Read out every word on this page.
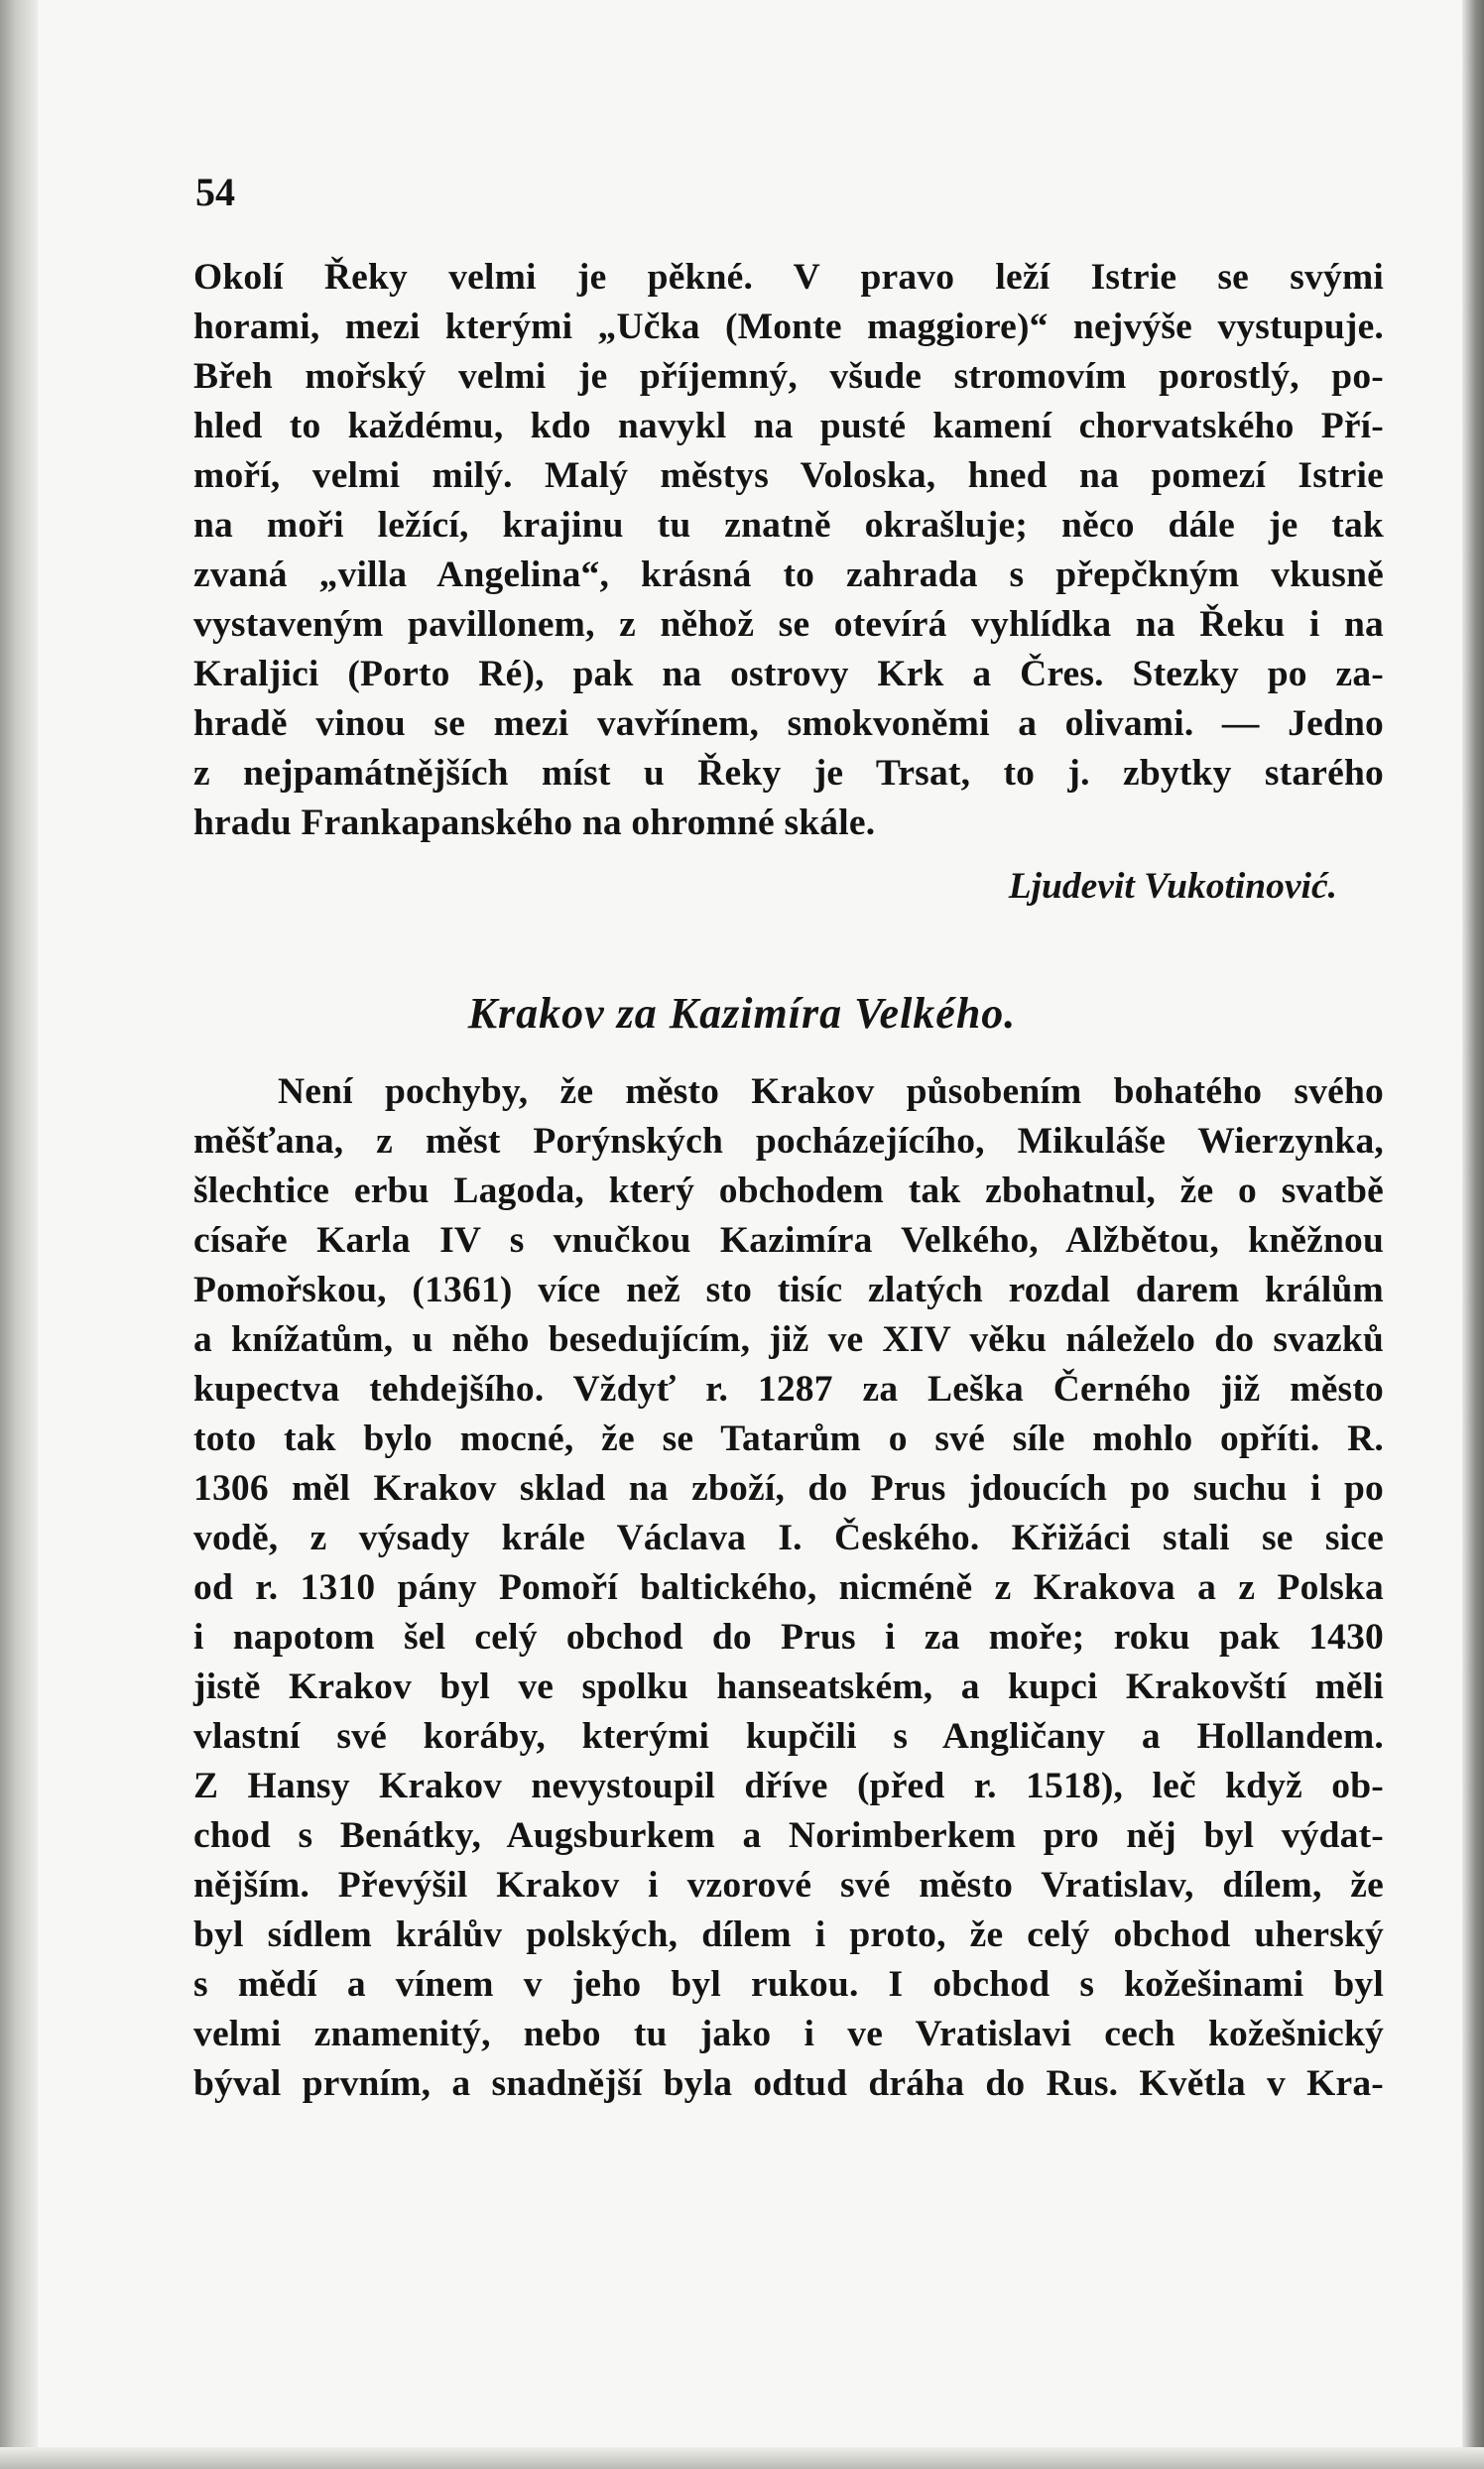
54

Okolí Řeky velmi je pěkné. V pravo leží Istrie se svými
horami, mezi kterými „Učka (Monte maggiore)“ nejvýše vystupuje.
Břeh mořský velmi je příjemný, všude stromovím porostlý, po-
hled to každému, kdo navykl na pusté kamení chorvatského Pří-
moří, velmi milý. Malý městys Voloska, hned na pomezí Istrie
na moři ležící, krajinu tu znatně okrašluje; něco dále je tak
zvaná „villa Angelina“, krásná to zahrada s přepčkným vkusně
vystaveným pavillonem, z něhož se otevírá vyhlídka na Řeku i na
Kraljici (Porto Ré), pak na ostrovy Krk a Čres. Stezky po za-
hradě vinou se mezi vavřínem, smokvoněmi a olivami. — Jedno
z nejpamátnějších míst u Řeky je Trsat, to j. zbytky starého
hradu Frankapanského na ohromné skále.

Ljudevit Vukotinović.

Krakov za Kazimíra Velkého.
Není pochyby, že město Krakov působením bohatého svého
měšťana, z měst Porýnských pocházejícího, Mikuláše Wierzynka,
šlechtice erbu Lagoda, který obchodem tak zbohatnul, že o svatbě
císaře Karla IV s vnučkou Kazimíra Velkého, Alžbětou, kněžnou
Pomořskou, (1361) více než sto tisíc zlatých rozdal darem králům
a knížatům, u něho besedujícím, již ve XIV věku náleželo do svazků
kupectva tehdejšího. Vždyť r. 1287 za Leška Černého již město
toto tak bylo mocné, že se Tatarům o své síle mohlo opříti. R.
1306 měl Krakov sklad na zboží, do Prus jdoucích po suchu i po
vodě, z výsady krále Václava I. Českého. Křižáci stali se sice
od r. 1310 pány Pomoří baltického, nicméně z Krakova a z Polska
i napotom šel celý obchod do Prus i za moře; roku pak 1430
jistě Krakov byl ve spolku hanseatském, a kupci Krakovští měli
vlastní své koráby, kterými kupčili s Angličany a Hollandem.
Z Hansy Krakov nevystoupil dříve (před r. 1518), leč když ob-
chod s Benátky, Augsburkem a Norimberkem pro něj byl výdat-
nějším. Převýšil Krakov i vzorové své město Vratislav, dílem, že
byl sídlem králův polských, dílem i proto, že celý obchod uherský
s mědí a vínem v jeho byl rukou. I obchod s kožešinami byl
velmi znamenitý, nebo tu jako i ve Vratislavi cech kožešnický
býval prvním, a snadnější byla odtud dráha do Rus. Květla v Kra-
